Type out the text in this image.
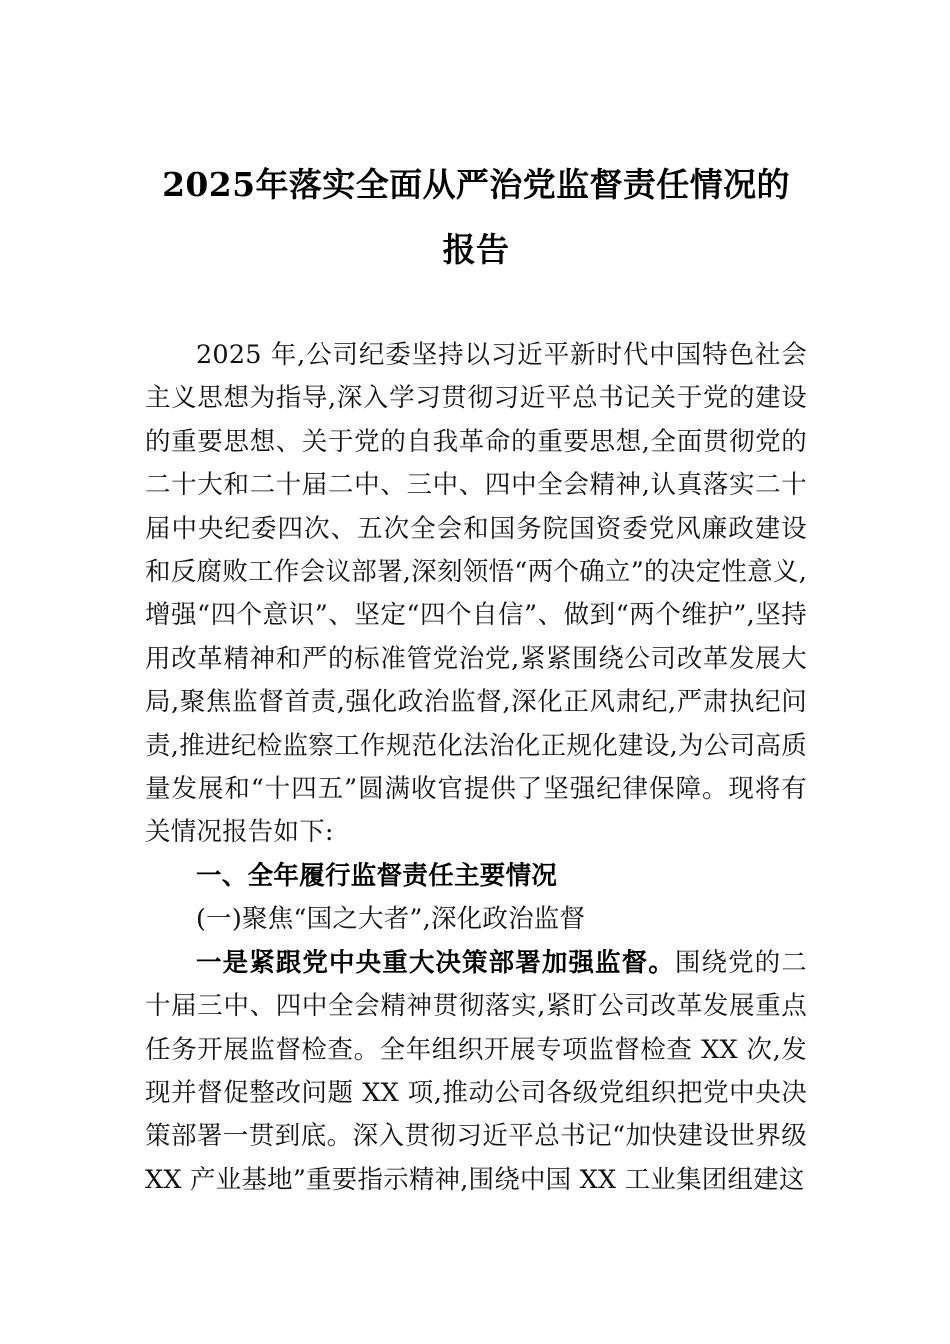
2025年落实全面从严治党监督责任情况的
报告

2025 年,公司纪委坚持以习近平新时代中国特色社会主义思想为指导,深入学习贯彻习近平总书记关于党的建设的重要思想、关于党的自我革命的重要思想,全面贯彻党的二十大和二十届二中、三中、四中全会精神,认真落实二十届中央纪委四次、五次全会和国务院国资委党风廉政建设和反腐败工作会议部署,深刻领悟“两个确立”的决定性意义,增强“四个意识”、坚定“四个自信”、做到“两个维护”,坚持用改革精神和严的标准管党治党,紧紧围绕公司改革发展大局,聚焦监督首责,强化政治监督,深化正风肃纪,严肃执纪问责,推进纪检监察工作规范化法治化正规化建设,为公司高质量发展和“十四五”圆满收官提供了坚强纪律保障。现将有关情况报告如下:

一、全年履行监督责任主要情况

(一)聚焦“国之大者”,深化政治监督

一是紧跟党中央重大决策部署加强监督。围绕党的二十届三中、四中全会精神贯彻落实,紧盯公司改革发展重点任务开展监督检查。全年组织开展专项监督检查 XX 次,发现并督促整改问题 XX 项,推动公司各级党组织把党中央决策部署一贯到底。深入贯彻习近平总书记“加快建设世界级 XX 产业基地”重要指示精神,围绕中国 XX 工业集团组建这
